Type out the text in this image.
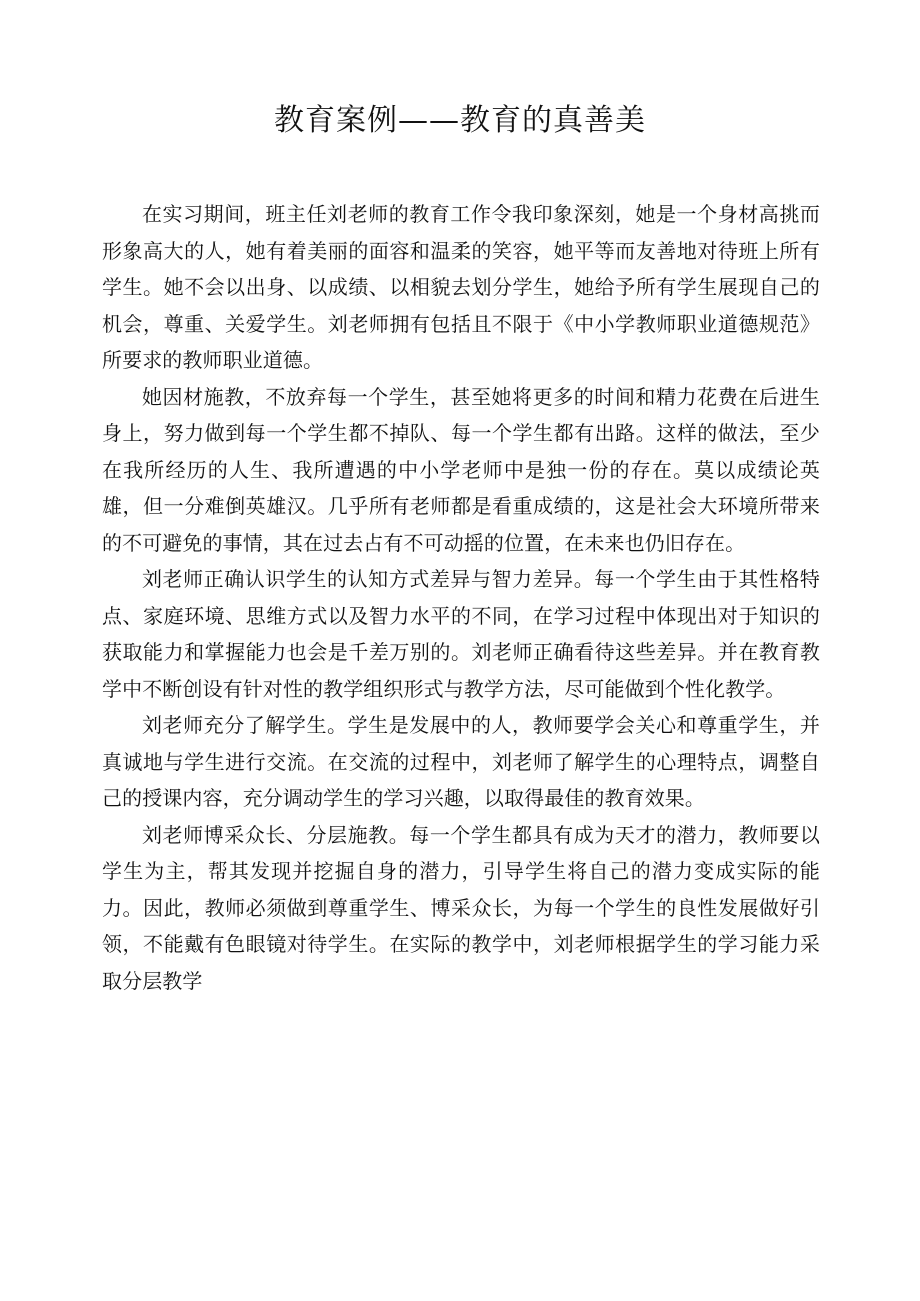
教育案例——教育的真善美

在实习期间，班主任刘老师的教育工作令我印象深刻，她是一个身材高挑而形象高大的人，她有着美丽的面容和温柔的笑容，她平等而友善地对待班上所有学生。她不会以出身、以成绩、以相貌去划分学生，她给予所有学生展现自己的机会，尊重、关爱学生。刘老师拥有包括且不限于《中小学教师职业道德规范》所要求的教师职业道德。

她因材施教，不放弃每一个学生，甚至她将更多的时间和精力花费在后进生身上，努力做到每一个学生都不掉队、每一个学生都有出路。这样的做法，至少在我所经历的人生、我所遭遇的中小学老师中是独一份的存在。莫以成绩论英雄，但一分难倒英雄汉。几乎所有老师都是看重成绩的，这是社会大环境所带来的不可避免的事情，其在过去占有不可动摇的位置，在未来也仍旧存在。

刘老师正确认识学生的认知方式差异与智力差异。每一个学生由于其性格特点、家庭环境、思维方式以及智力水平的不同，在学习过程中体现出对于知识的获取能力和掌握能力也会是千差万别的。刘老师正确看待这些差异。并在教育教学中不断创设有针对性的教学组织形式与教学方法，尽可能做到个性化教学。

刘老师充分了解学生。学生是发展中的人，教师要学会关心和尊重学生，并真诚地与学生进行交流。在交流的过程中，刘老师了解学生的心理特点，调整自己的授课内容，充分调动学生的学习兴趣，以取得最佳的教育效果。

刘老师博采众长、分层施教。每一个学生都具有成为天才的潜力，教师要以学生为主，帮其发现并挖掘自身的潜力，引导学生将自己的潜力变成实际的能力。因此，教师必须做到尊重学生、博采众长，为每一个学生的良性发展做好引领，不能戴有色眼镜对待学生。在实际的教学中，刘老师根据学生的学习能力采取分层教学
